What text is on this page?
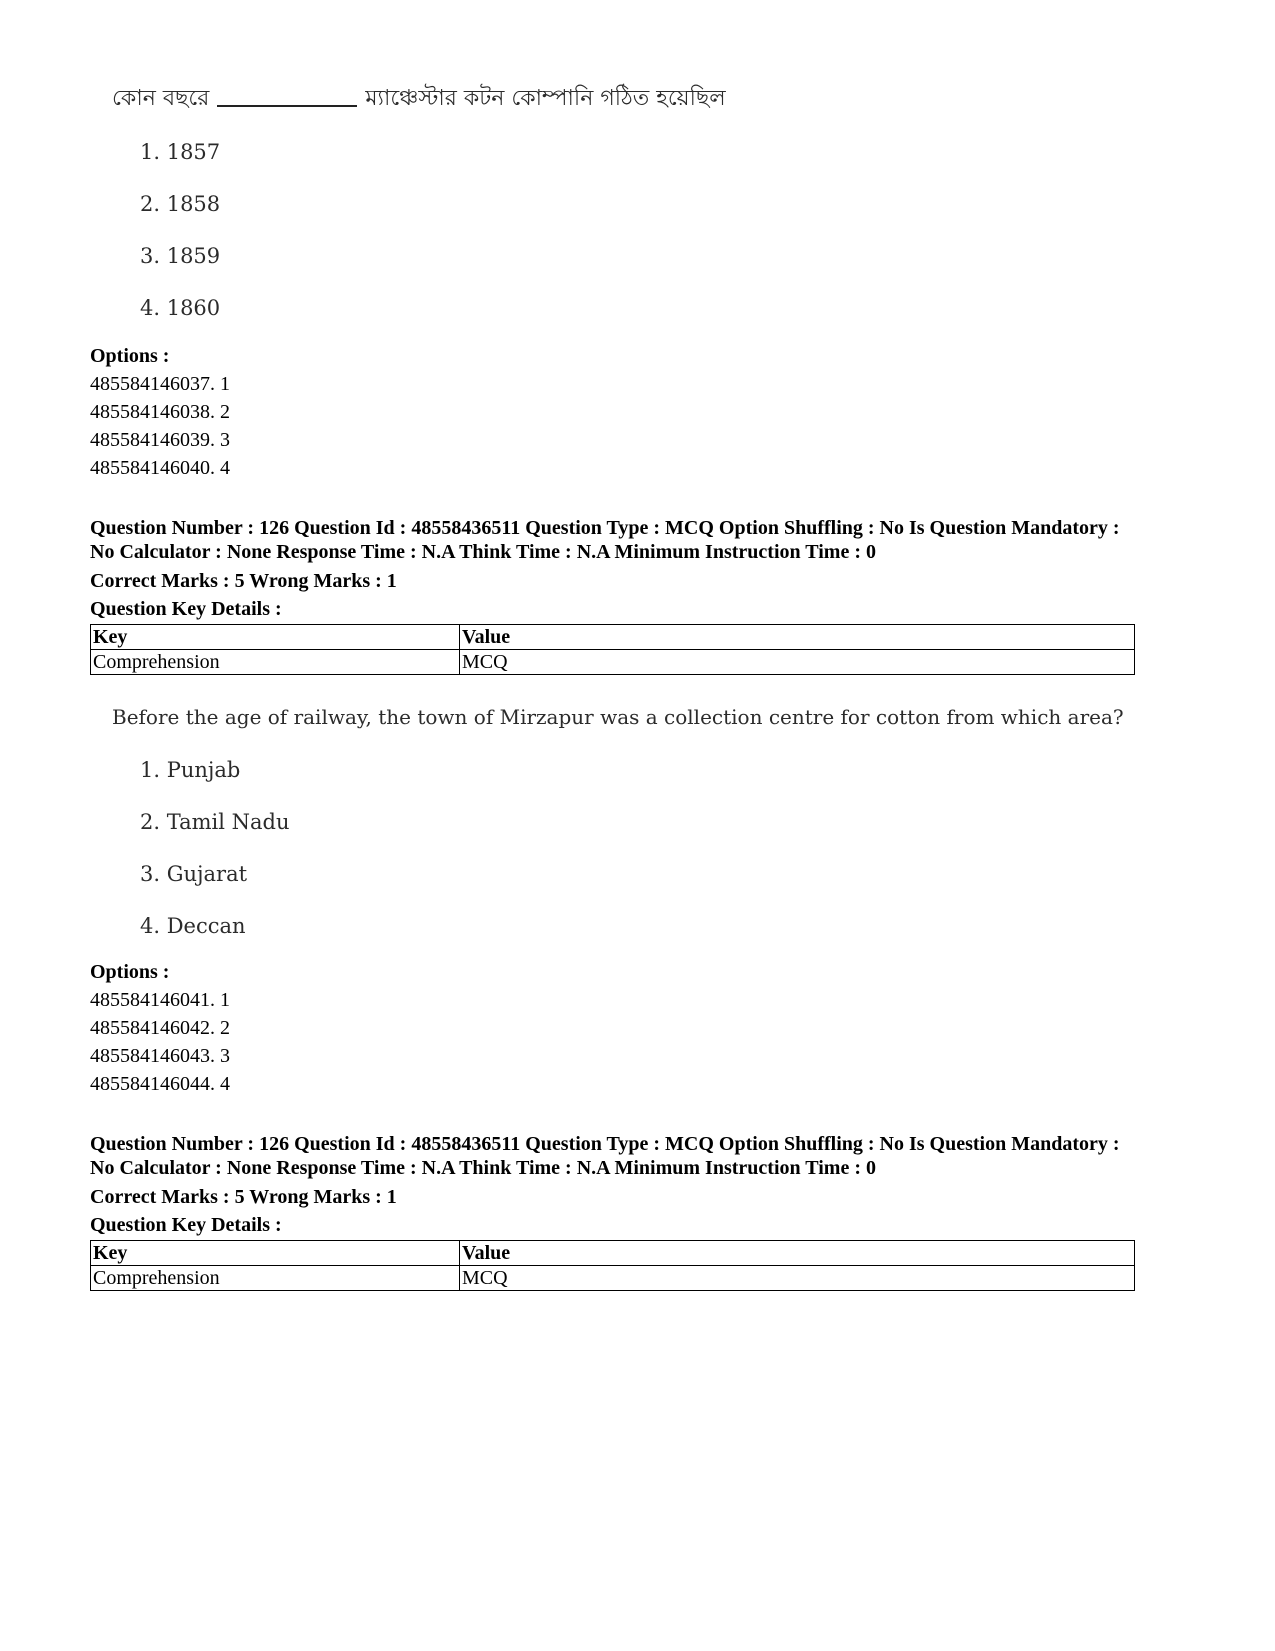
কোন বছরে	ম্যাঞ্চেস্টার কটন কোম্পানি গঠিত হয়েছিল
1. 1857
2. 1858
3. 1859
4. 1860
Options :
485584146037. 1
485584146038. 2
485584146039. 3
485584146040. 4
Question Number : 126 Question Id : 48558436511 Question Type : MCQ Option Shuffling : No Is Question Mandatory :
No Calculator : None Response Time : N.A Think Time : N.A Minimum Instruction Time : 0
Correct Marks : 5 Wrong Marks : 1
Question Key Details :
Key	Value
Comprehension	MCQ
Before the age of railway, the town of Mirzapur was a collection centre for cotton from which area?
1. Punjab
2. Tamil Nadu
3. Gujarat
4. Deccan
Options :
485584146041. 1
485584146042. 2
485584146043. 3
485584146044. 4
Question Number : 126 Question Id : 48558436511 Question Type : MCQ Option Shuffling : No Is Question Mandatory :
No Calculator : None Response Time : N.A Think Time : N.A Minimum Instruction Time : 0
Correct Marks : 5 Wrong Marks : 1
Question Key Details :
Key	Value
Comprehension	MCQ
